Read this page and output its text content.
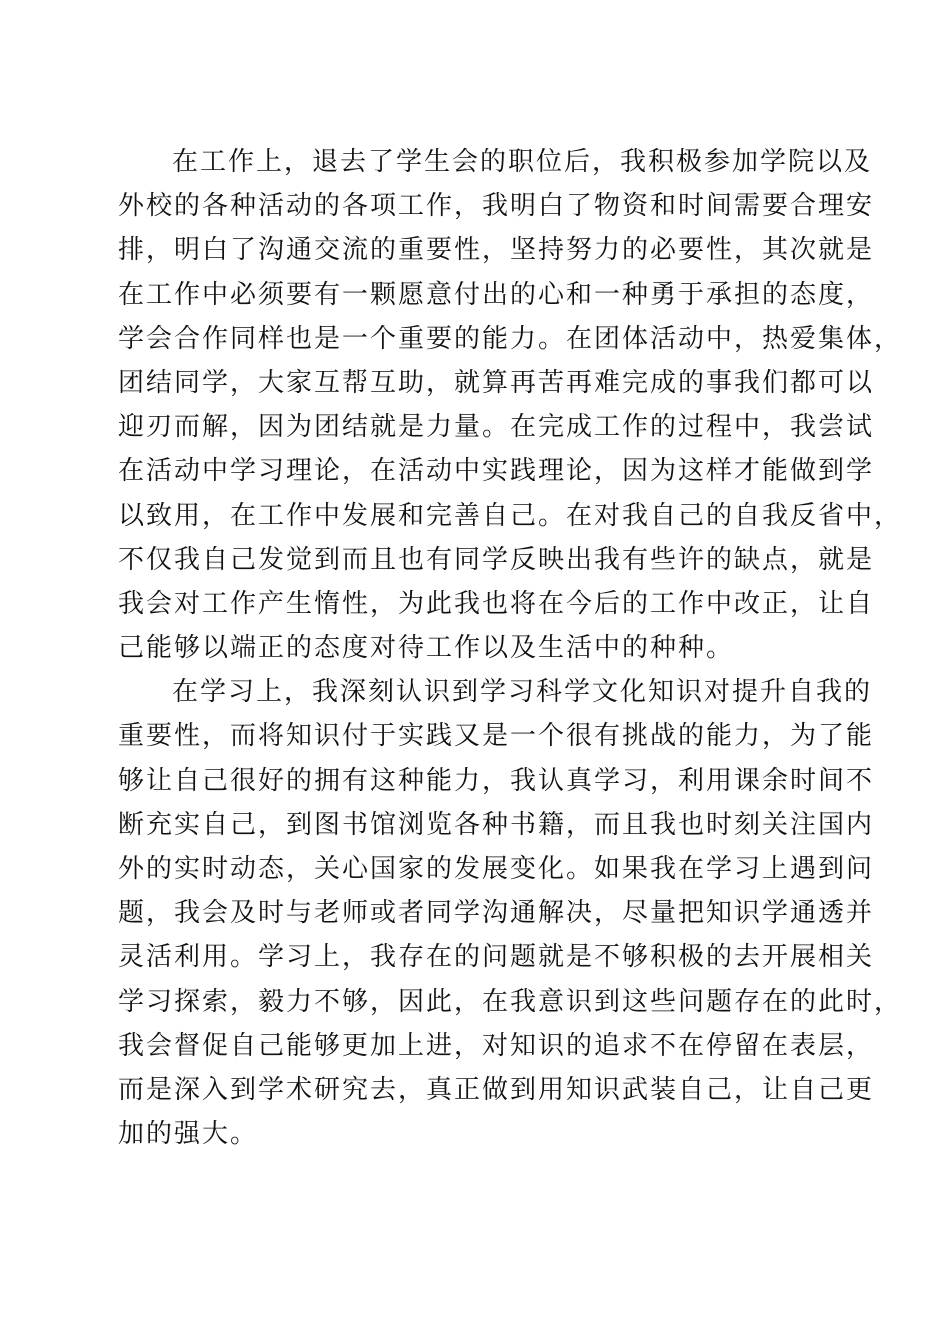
在工作上，退去了学生会的职位后，我积极参加学院以及
外校的各种活动的各项工作，我明白了物资和时间需要合理安
排，明白了沟通交流的重要性，坚持努力的必要性，其次就是
在工作中必须要有一颗愿意付出的心和一种勇于承担的态度，
学会合作同样也是一个重要的能力。在团体活动中，热爱集体，
团结同学，大家互帮互助，就算再苦再难完成的事我们都可以
迎刃而解，因为团结就是力量。在完成工作的过程中，我尝试
在活动中学习理论，在活动中实践理论，因为这样才能做到学
以致用，在工作中发展和完善自己。在对我自己的自我反省中，
不仅我自己发觉到而且也有同学反映出我有些许的缺点，就是
我会对工作产生惰性，为此我也将在今后的工作中改正，让自
己能够以端正的态度对待工作以及生活中的种种。
在学习上，我深刻认识到学习科学文化知识对提升自我的
重要性，而将知识付于实践又是一个很有挑战的能力，为了能
够让自己很好的拥有这种能力，我认真学习，利用课余时间不
断充实自己，到图书馆浏览各种书籍，而且我也时刻关注国内
外的实时动态，关心国家的发展变化。如果我在学习上遇到问
题，我会及时与老师或者同学沟通解决，尽量把知识学通透并
灵活利用。学习上，我存在的问题就是不够积极的去开展相关
学习探索，毅力不够，因此，在我意识到这些问题存在的此时，
我会督促自己能够更加上进，对知识的追求不在停留在表层，
而是深入到学术研究去，真正做到用知识武装自己，让自己更
加的强大。
